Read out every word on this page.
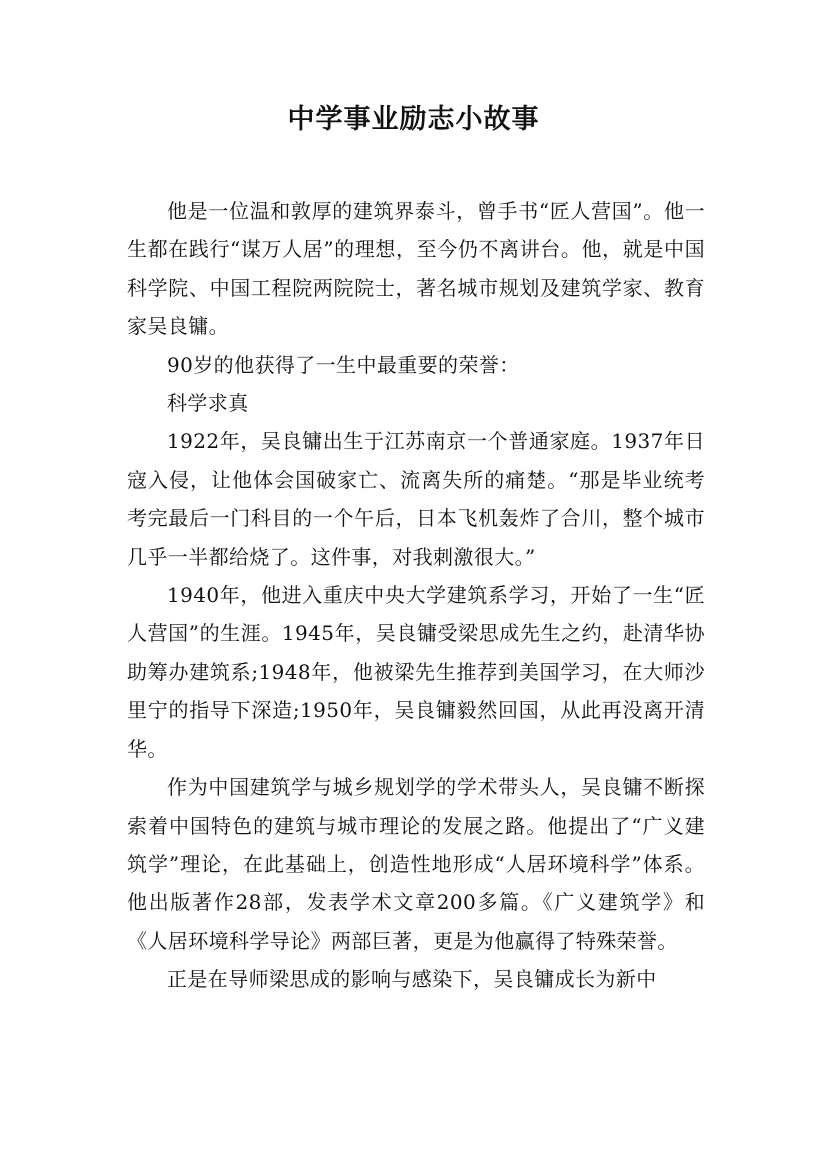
中学事业励志小故事

他是一位温和敦厚的建筑界泰斗，曾手书“匠人营国”。他一生都在践行“谋万人居”的理想，至今仍不离讲台。他，就是中国科学院、中国工程院两院院士，著名城市规划及建筑学家、教育家吴良镛。

90岁的他获得了一生中最重要的荣誉：

科学求真

1922年，吴良镛出生于江苏南京一个普通家庭。1937年日寇入侵，让他体会国破家亡、流离失所的痛楚。“那是毕业统考考完最后一门科目的一个午后，日本飞机轰炸了合川，整个城市几乎一半都给烧了。这件事，对我刺激很大。”

1940年，他进入重庆中央大学建筑系学习，开始了一生“匠人营国”的生涯。1945年，吴良镛受梁思成先生之约，赴清华协助筹办建筑系;1948年，他被梁先生推荐到美国学习，在大师沙里宁的指导下深造;1950年，吴良镛毅然回国，从此再没离开清华。

作为中国建筑学与城乡规划学的学术带头人，吴良镛不断探索着中国特色的建筑与城市理论的发展之路。他提出了“广义建筑学”理论，在此基础上，创造性地形成“人居环境科学”体系。他出版著作28部，发表学术文章200多篇。《广义建筑学》和《人居环境科学导论》两部巨著，更是为他赢得了特殊荣誉。

正是在导师梁思成的影响与感染下，吴良镛成长为新中
